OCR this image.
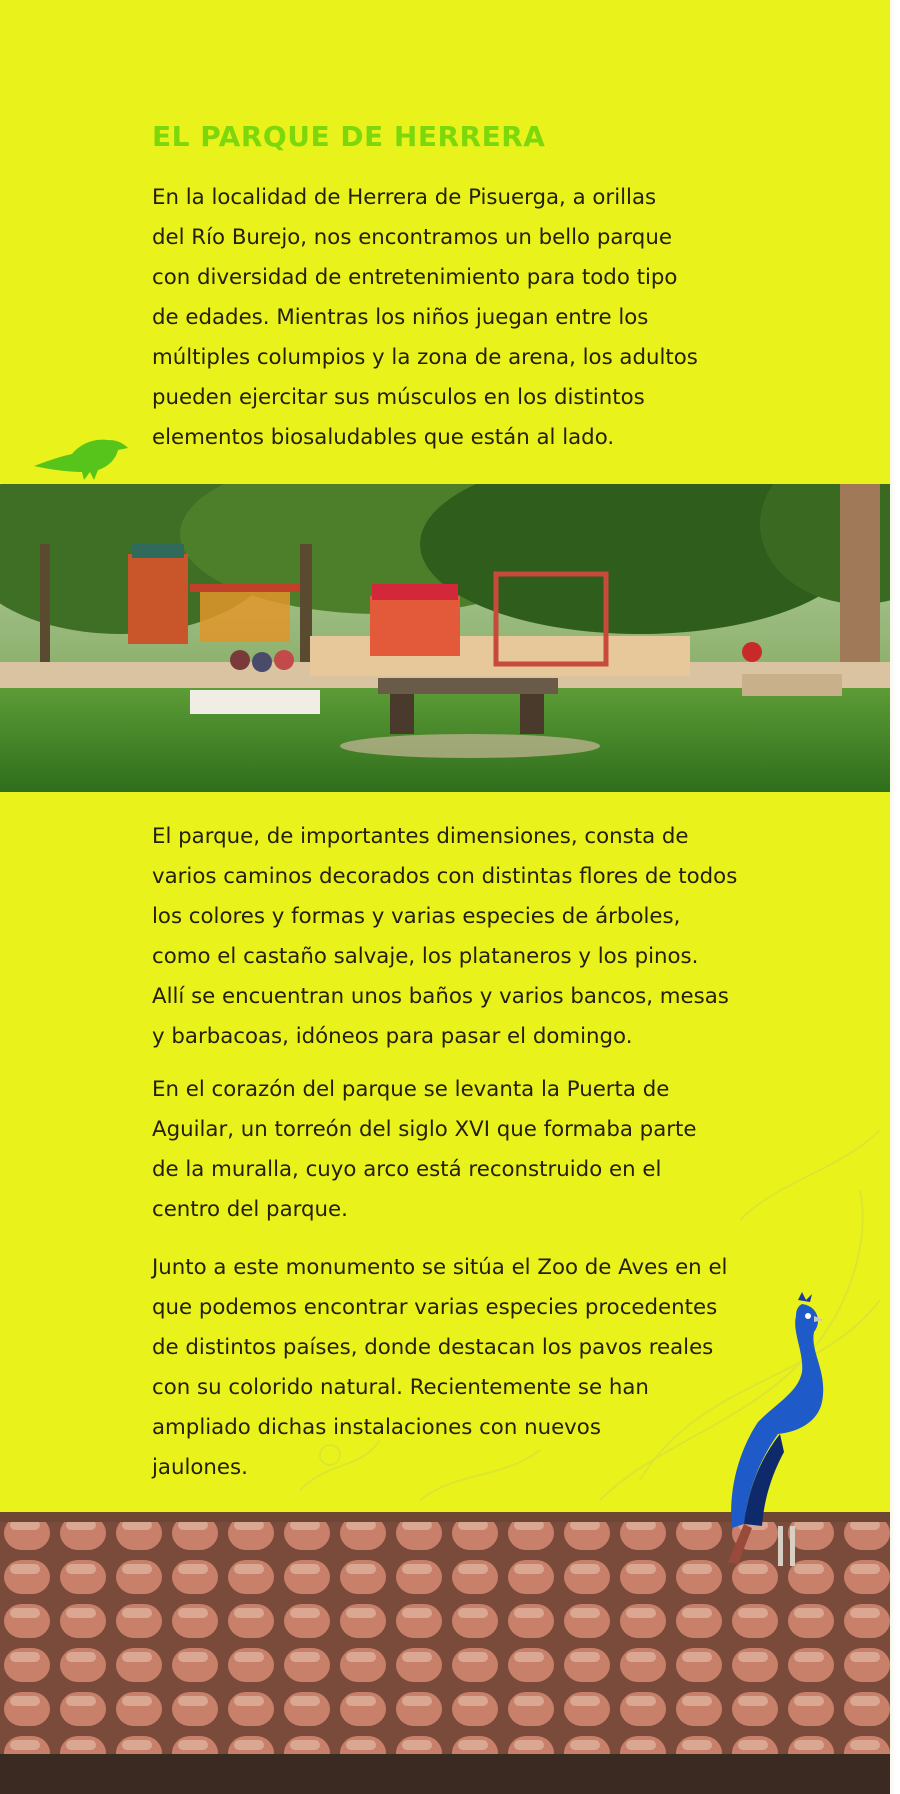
EL PARQUE DE HERRERA

En la localidad de Herrera de Pisuerga, a orillas
del Río Burejo, nos encontramos un bello parque
con diversidad de entretenimiento para todo tipo
de edades. Mientras los niños juegan entre los
múltiples columpios y la zona de arena, los adultos
pueden ejercitar sus músculos en los distintos
elementos biosaludables que están al lado.

El parque, de importantes dimensiones, consta de
varios caminos decorados con distintas flores de todos
los colores y formas y varias especies de árboles,
como el castaño salvaje, los plataneros y los pinos.
Allí se encuentran unos baños y varios bancos, mesas
y barbacoas, idóneos para pasar el domingo.

En el corazón del parque se levanta la Puerta de
Aguilar, un torreón del siglo XVI que formaba parte
de la muralla, cuyo arco está reconstruido en el
centro del parque.

Junto a este monumento se sitúa el Zoo de Aves en el
que podemos encontrar varias especies procedentes
de distintos países, donde destacan los pavos reales
con su colorido natural. Recientemente se han
ampliado dichas instalaciones con nuevos
jaulones.
